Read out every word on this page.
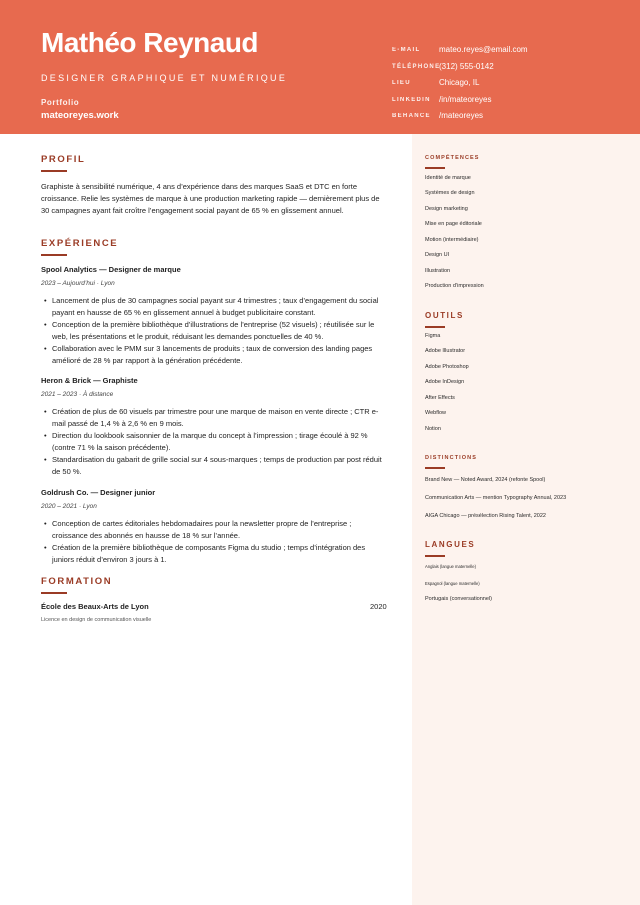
Mathéo Reynaud
DESIGNER GRAPHIQUE ET NUMÉRIQUE
Portfolio
mateoreyes.work
E-MAIL mateo.reyes@email.com
TÉLÉPHONE
(312) 555-0142
LIEU	Chicago, IL
LINKEDIN /in/mateoreyes
BEHANCE /mateoreyes
PROFIL
Graphiste à sensibilité numérique, 4 ans d’expérience dans des marques SaaS et DTC en forte croissance. Relie les systèmes de marque à une production marketing rapide — dernièrement plus de 30 campagnes ayant fait croître l’engagement social payant de 65 % en glissement annuel.
EXPÉRIENCE
Spool Analytics — Designer de marque
2023 – Aujourd’hui · Lyon
• Lancement de plus de 30 campagnes social payant sur 4 trimestres ; taux d’engagement du social payant en hausse de 65 % en glissement annuel à budget publicitaire constant.
• Conception de la première bibliothèque d’illustrations de l’entreprise (52 visuels) ; réutilisée sur le web, les présentations et le produit, réduisant les demandes ponctuelles de 40 %.
• Collaboration avec le PMM sur 3 lancements de produits ; taux de conversion des landing pages amélioré de 28 % par rapport à la génération précédente.
Heron & Brick — Graphiste
2021 – 2023 · À distance
• Création de plus de 60 visuels par trimestre pour une marque de maison en vente directe ; CTR e-mail passé de 1,4 % à 2,6 % en 9 mois.
• Direction du lookbook saisonnier de la marque du concept à l’impression ; tirage écoulé à 92 % (contre 71 % la saison précédente).
• Standardisation du gabarit de grille social sur 4 sous-marques ; temps de production par post réduit de 50 %.
Goldrush Co. — Designer junior
2020 – 2021 · Lyon
• Conception de cartes éditoriales hebdomadaires pour la newsletter propre de l’entreprise ; croissance des abonnés en hausse de 18 % sur l’année.
• Création de la première bibliothèque de composants Figma du studio ; temps d’intégration des juniors réduit d’environ 3 jours à 1.
FORMATION
École des Beaux-Arts de Lyon	2020
Licence en design de communication visuelle
COMPÉTENCES
Identité de marque
Systèmes de design
Design marketing
Mise en page éditoriale
Motion (intermédiaire)
Design UI
Illustration
Production d’impression
OUTILS
Figma
Adobe Illustrator
Adobe Photoshop
Adobe InDesign
After Effects
Webflow
Notion
DISTINCTIONS
Brand New — Noted Award, 2024 (refonte Spool)
Communication Arts — mention Typography Annual, 2023
AIGA Chicago — présélection Rising Talent, 2022
LANGUES
Anglais (langue maternelle)
Espagnol (langue maternelle)
Portugais (conversationnel)
